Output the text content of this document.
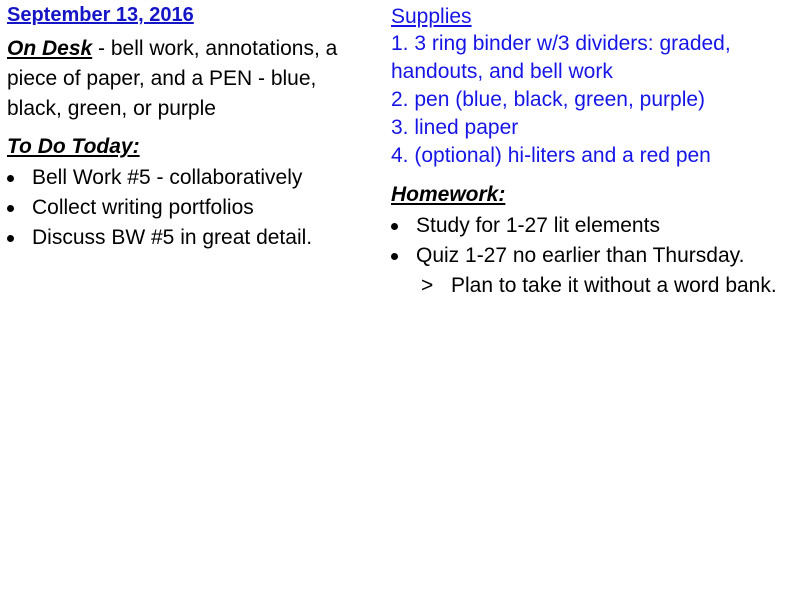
September 13, 2016
On Desk - bell work, annotations, a piece of paper, and a PEN - blue, black, green, or purple
To Do Today:
Bell Work #5 - collaboratively
Collect writing portfolios
Discuss BW #5 in great detail.
Supplies
1. 3 ring binder w/3 dividers: graded, handouts, and bell work
2. pen (blue, black, green, purple)
3. lined paper
4. (optional) hi-liters and a red pen
Homework:
Study for 1-27 lit elements
Quiz 1-27 no earlier than Thursday.
> Plan to take it without a word bank.
